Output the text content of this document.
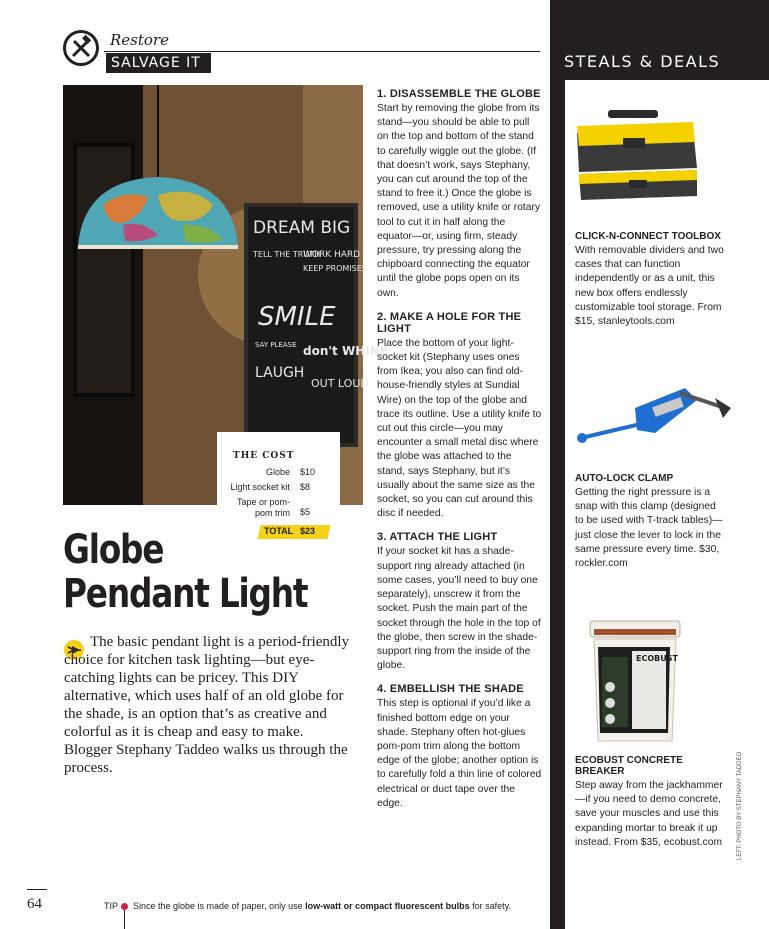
Restore
SALVAGE IT
DREAM BIG
TELL THE TRUTH
WORK HARD
KEEP PROMISES
SMILE
SAY PLEASE don't WHINE
LAUGH
OUT LOUD
THE COST
Globe $10
Light socket kit $8
Tape or pom-pom trim $5
TOTAL $23
Globe
Pendant Light
The basic pendant light is a period-friendly choice for kitchen task lighting—but eye-catching lights can be pricey. This DIY alternative, which uses half of an old globe for the shade, is an option that’s as creative and colorful as it is cheap and easy to make. Blogger Stephany Taddeo walks us through the process.
1. DISASSEMBLE THE GLOBE
Start by removing the globe from its stand—you should be able to pull on the top and bottom of the stand to carefully wiggle out the globe. (If that doesn’t work, says Stephany, you can cut around the top of the stand to free it.) Once the globe is removed, use a utility knife or rotary tool to cut it in half along the equator—or, using firm, steady pressure, try pressing along the chipboard connecting the equator until the globe pops open on its own.
2. MAKE A HOLE FOR THE LIGHT
Place the bottom of your light-socket kit (Stephany uses ones from Ikea; you also can find old-house-friendly styles at Sundial Wire) on the top of the globe and trace its outline. Use a utility knife to cut out this circle—you may encounter a small metal disc where the globe was attached to the stand, says Stephany, but it’s usually about the same size as the socket, so you can cut around this disc if needed.
3. ATTACH THE LIGHT
If your socket kit has a shade-support ring already attached (in some cases, you’ll need to buy one separately), unscrew it from the socket. Push the main part of the socket through the hole in the top of the globe, then screw in the shade-support ring from the inside of the globe.
4. EMBELLISH THE SHADE
This step is optional if you’d like a finished bottom edge on your shade. Stephany often hot-glues pom-pom trim along the bottom edge of the globe; another option is to carefully fold a thin line of colored electrical or duct tape over the edge.
STEALS & DEALS
CLICK-N-CONNECT TOOLBOX
With removable dividers and two cases that can function independently or as a unit, this new box offers endlessly customizable tool storage. From $15, stanleytools.com
AUTO-LOCK CLAMP
Getting the right pressure is a snap with this clamp (designed to be used with T-track tables)—just close the lever to lock in the same pressure every time. $30, rockler.com
ECOBUST
ECOBUST CONCRETE BREAKER
Step away from the jackhammer—if you need to demo concrete, save your muscles and use this expanding mortar to break it up instead. From $35, ecobust.com	LEFT: PHOTO BY STEPHANY TADDEO
64	TIP Since the globe is made of paper, only use low-watt or compact fluorescent bulbs for safety.
